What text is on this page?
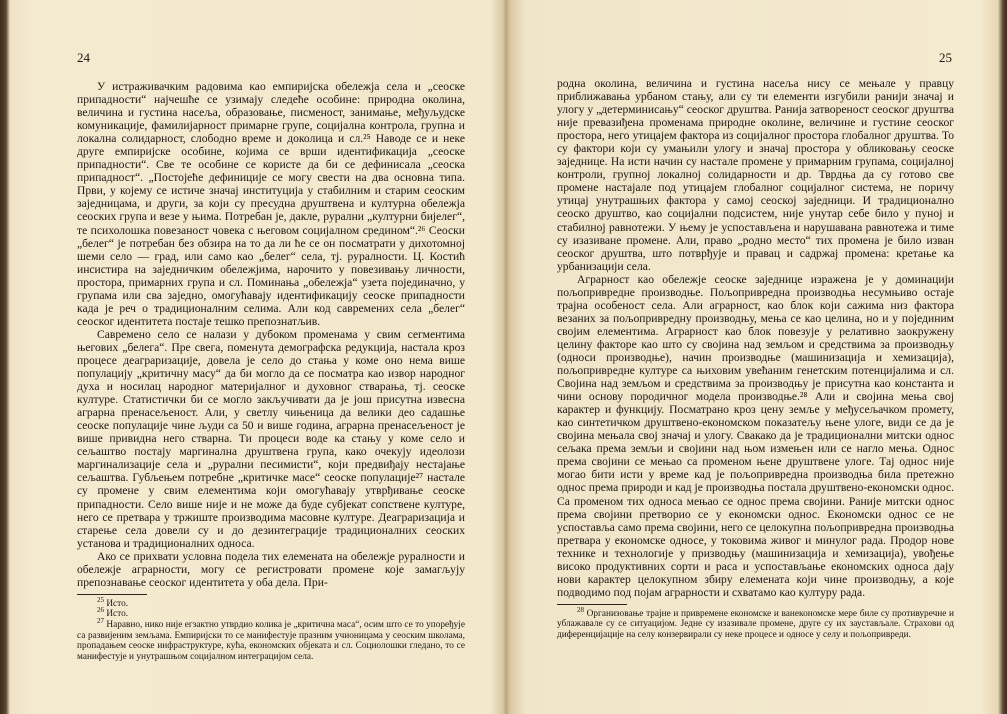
24

У истраживачким радовима као емпиријска обележја села и „сеоске припадности“ најчешће се узимају следеће особине: природна околина, величина и густина насеља, образовање, писменост, занимање, међуљудске комуникације, фамилијарност примарне групе, социјална контрола, групна и локална солидарност, слободно време и доколица и сл.²⁵ Наводе се и неке друге емпиријске особине, којима се врши идентификација „сеоске припадности“. Све те особине се користе да би се дефинисала „сеоска припадност“. „Постојеће дефиниције се могу свести на два основна типа. Први, у којему се истиче значај институција у стабилним и старим сеоским заједницама, и други, за који су пресудна друштвена и културна обележја сеоских група и везе у њима. Потребан је, дакле, рурални „културни бијелег“, те психолошка повезаност човека с његовом социјалном средином“.²⁶ Сеоски „белег“ је потребан без обзира на то да ли ће се он посматрати у дихотомној шеми село — град, или само као „белег“ села, тј. руралности. Ц. Костић инсистира на заједничким обележјима, нарочито у повезивању личности, простора, примарних група и сл. Поминања „обележја“ узета појединачно, у групама или сва заједно, омогућавају идентификацију сеоске припадности када је реч о традиционалним селима. Али код савремених села „белег“ сеоског идентитета постаје тешко препознатљив.

Савремено село се налази у дубоком променама у свим сегментима његових „белега“. Пре свега, поменута демографска редукција, настала кроз процесе деаграризације, довела је село до стања у коме оно нема више популацију „критичну масу“ да би могло да се посматра као извор народног духа и носилац народног материјалног и духовног стварања, тј. сеоске културе. Статистички би се могло закључивати да је још присутна извесна аграрна пренасељеност. Али, у светлу чињеница да велики део садашње сеоске популације чине људи са 50 и више година, аграрна пренасељеност је више привидна него стварна. Ти процеси воде ка стању у коме село и сељаштво постају маргинална друштвена група, како очекују идеолози маргинализације села и „рурални песимисти“, који предвиђају нестајање сељаштва. Губљењем потребне „критичке масе“ сеоске популације²⁷ настале су промене у свим елементима који омогућавају утврђивање сеоске припадности. Село више није и не може да буде субјекат сопствене културе, него се претвара у тржиште производима масовне културе. Деаграризација и старење села довели су и до дезинтеграције традиционалних сеоских установа и традиционалних односа.

Ако се прихвати условна подела тих елемената на обележје руралности и обележје аграрности, могу се регистровати промене које замагљују препознавање сеоског идентитета у оба дела. При-

$^{25}$ Исто.

$^{26}$ Исто.

$^{27}$ Наравно, нико није егзактно утврдио колика је „критична маса“, осим што се то упоређује са развијеним земљама. Емпиријски то се манифестује празним учионицама у сеоским школама, пропадањем сеоске инфраструктуре, кућа, економских објеката и сл. Социолошки гледано, то се манифестује и унутрашњом социјалном интеграцијом села.

25

родна околина, величина и густина насеља нису се мењале у правцу приближавања урбаном стању, али су ти елементи изгубили ранији значај и улогу у „детерминисању“ сеоског друштва. Ранија затвореност сеоског друштва није превазиђена променама природне околине, величине и густине сеоског простора, него утицајем фактора из социјалног простора глобалног друштва. То су фактори који су умањили улогу и значај простора у обликовању сеоске заједнице. На исти начин су настале промене у примарним групама, социјалној контроли, групној локалној солидарности и др. Тврдња да су готово све промене настајале под утицајем глобалног социјалног система, не поричу утицај унутрашњих фактора у самој сеоској заједници. И традиционално сеоско друштво, као социјални подсистем, није унутар себе било у пуној и стабилној равнотежи. У њему је успостављена и нарушавана равнотежа и тиме су изазиване промене. Али, право „родно место“ тих промена је било изван сеоског друштва, што потврђује и правац и садржај промена: кретање ка урбанизацији села.

Аграрност као обележје сеоске заједнице изражена је у доминацији пољопривредне производње. Пољопривредна производња несумњиво остаје трајна особеност села. Али аграрност, као блок који сажима низ фактора везаних за пољопривредну производњу, мења се као целина, но и у појединим својим елементима. Аграрност као блок повезује у релативно заокружену целину факторе као што су својина над земљом и средствима за производњу (односи производње), начин производње (машинизација и хемизација), пољопривредне културе са њиховим увећаним генетским потенцијалима и сл. Својина над земљом и средствима за производњу је присутна као константа и чини основу породичног модела производње.²⁸ Али и својина мења свој карактер и функцију. Посматрано кроз цену земље у међусељачком промету, као синтетичком друштвено-економском показатељу њене улоге, види се да је својина мењала свој значај и улогу. Свакако да је традиционални митски однос сељака према земљи и својини над њом измењен или се нагло мења. Однос према својини се мењао са променом њене друштвене улоге. Тај однос није могао бити исти у време кад је пољопривредна производња била претежно однос према природи и кад је производња постала друштвено-економски однос. Са променом тих односа мењао се однос према својини. Раније митски однос према својини претворио се у економски однос. Економски однос се не успоставља само према својини, него се целокупна пољопривредна производња претвара у економске односе, у токовима живог и минулог рада. Продор нове технике и технологије у призводњу (машинизација и хемизација), увођење високо продуктивних сорти и раса и успостављање економских односа дају нови карактер целокупном збиру елемената који чине производњу, а које подводимо под појам аграрности и схватамо као културу рада.

$^{28}$ Организовање трајне и привремене економске и ванекономске мере биле су противуречне и ублажавале су се ситуацијом. Једне су изазивале промене, друге су их заустављале. Страхови од диференцијације на селу конзервирали су неке процесе и односе у селу и пољопривреди.
